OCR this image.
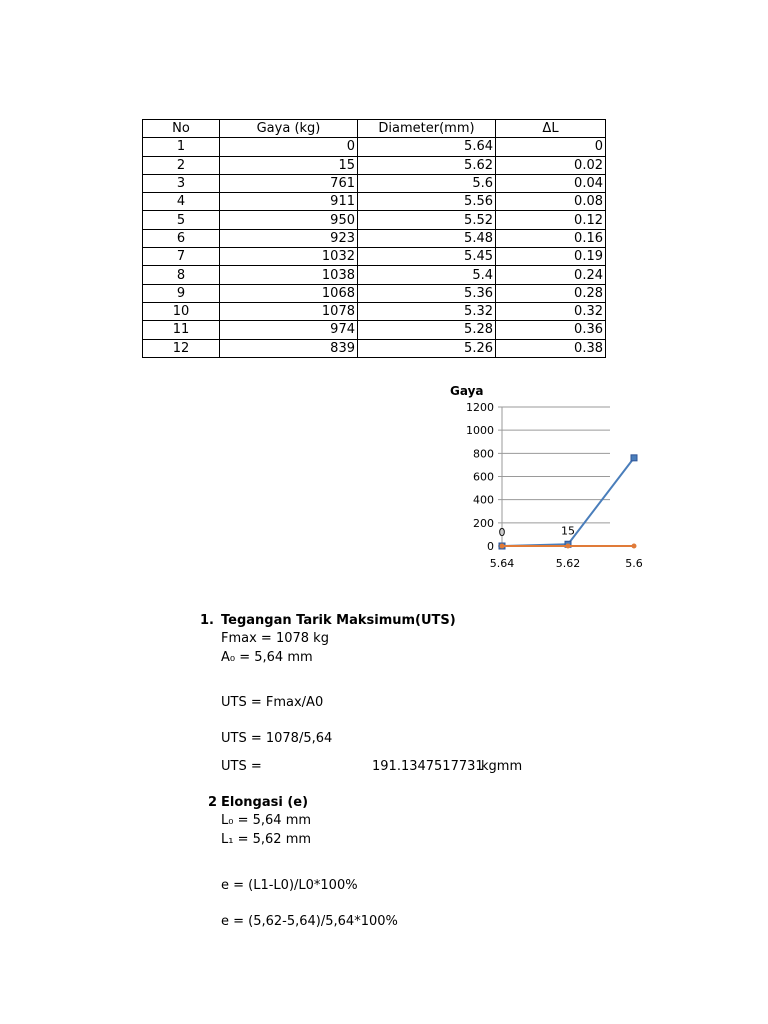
No	Gaya (kg)	Diameter(mm)	ΔL
1	0	5.64	0
2	15	5.62	0.02
3	761	5.6	0.04
4	911	5.56	0.08
5	950	5.52	0.12
6	923	5.48	0.16
7	1032	5.45	0.19
8	1038	5.4	0.24
9	1068	5.36	0.28
10	1078	5.32	0.32
11	974	5.28	0.36
12	839	5.26	0.38
Gaya
0
200
400
600
800
1000
1200
0	15
5.64	5.62	5.6
1. Tegangan Tarik Maksimum(UTS)
Fmax = 1078 kg
A₀ = 5,64 mm
UTS = Fmax/A0
UTS = 1078/5,64
UTS =	191.1347517731
kgmm
2 Elongasi (e)
L₀ = 5,64 mm
L₁ = 5,62 mm
e = (L1-L0)/L0*100%
e = (5,62-5,64)/5,64*100%
